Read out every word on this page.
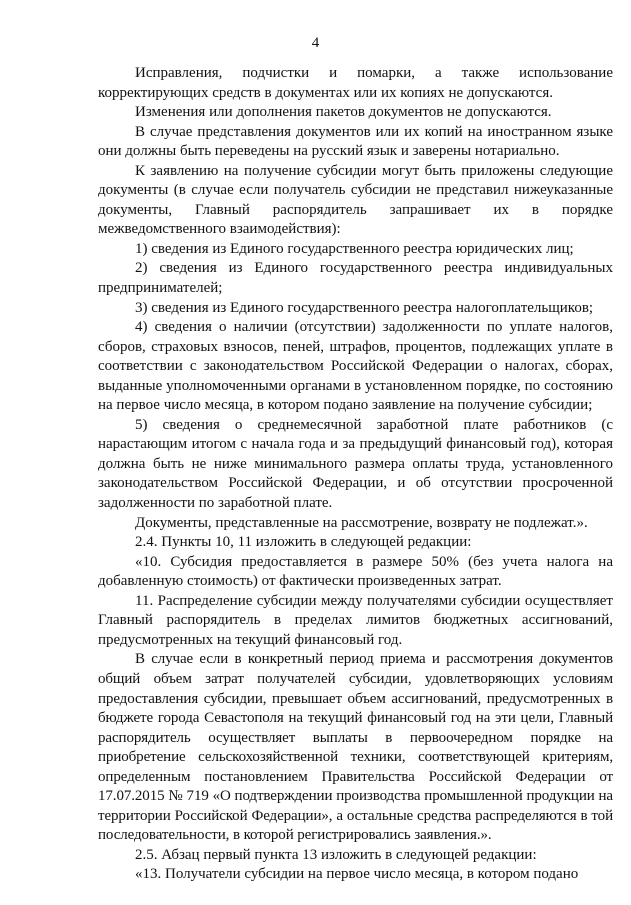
4

Исправления, подчистки и помарки, а также использование корректирующих средств в документах или их копиях не допускаются.

Изменения или дополнения пакетов документов не допускаются.

В случае представления документов или их копий на иностранном языке они должны быть переведены на русский язык и заверены нотариально.

К заявлению на получение субсидии могут быть приложены следующие документы (в случае если получатель субсидии не представил нижеуказанные документы, Главный распорядитель запрашивает их в порядке межведомственного взаимодействия):

1) сведения из Единого государственного реестра юридических лиц;

2) сведения из Единого государственного реестра индивидуальных предпринимателей;

3) сведения из Единого государственного реестра налогоплательщиков;

4) сведения о наличии (отсутствии) задолженности по уплате налогов, сборов, страховых взносов, пеней, штрафов, процентов, подлежащих уплате в соответствии с законодательством Российской Федерации о налогах, сборах, выданные уполномоченными органами в установленном порядке, по состоянию на первое число месяца, в котором подано заявление на получение субсидии;

5) сведения о среднемесячной заработной плате работников (с нарастающим итогом с начала года и за предыдущий финансовый год), которая должна быть не ниже минимального размера оплаты труда, установленного законодательством Российской Федерации, и об отсутствии просроченной задолженности по заработной плате.

Документы, представленные на рассмотрение, возврату не подлежат.».

2.4. Пункты 10, 11 изложить в следующей редакции:

«10. Субсидия предоставляется в размере 50% (без учета налога на добавленную стоимость) от фактически произведенных затрат.

11. Распределение субсидии между получателями субсидии осуществляет Главный распорядитель в пределах лимитов бюджетных ассигнований, предусмотренных на текущий финансовый год.

В случае если в конкретный период приема и рассмотрения документов общий объем затрат получателей субсидии, удовлетворяющих условиям предоставления субсидии, превышает объем ассигнований, предусмотренных в бюджете города Севастополя на текущий финансовый год на эти цели, Главный распорядитель осуществляет выплаты в первоочередном порядке на приобретение сельскохозяйственной техники, соответствующей критериям, определенным постановлением Правительства Российской Федерации от 17.07.2015 № 719 «О подтверждении производства промышленной продукции на территории Российской Федерации», а остальные средства распределяются в той последовательности, в которой регистрировались заявления.».

2.5. Абзац первый пункта 13 изложить в следующей редакции:

«13. Получатели субсидии на первое число месяца, в котором подано
